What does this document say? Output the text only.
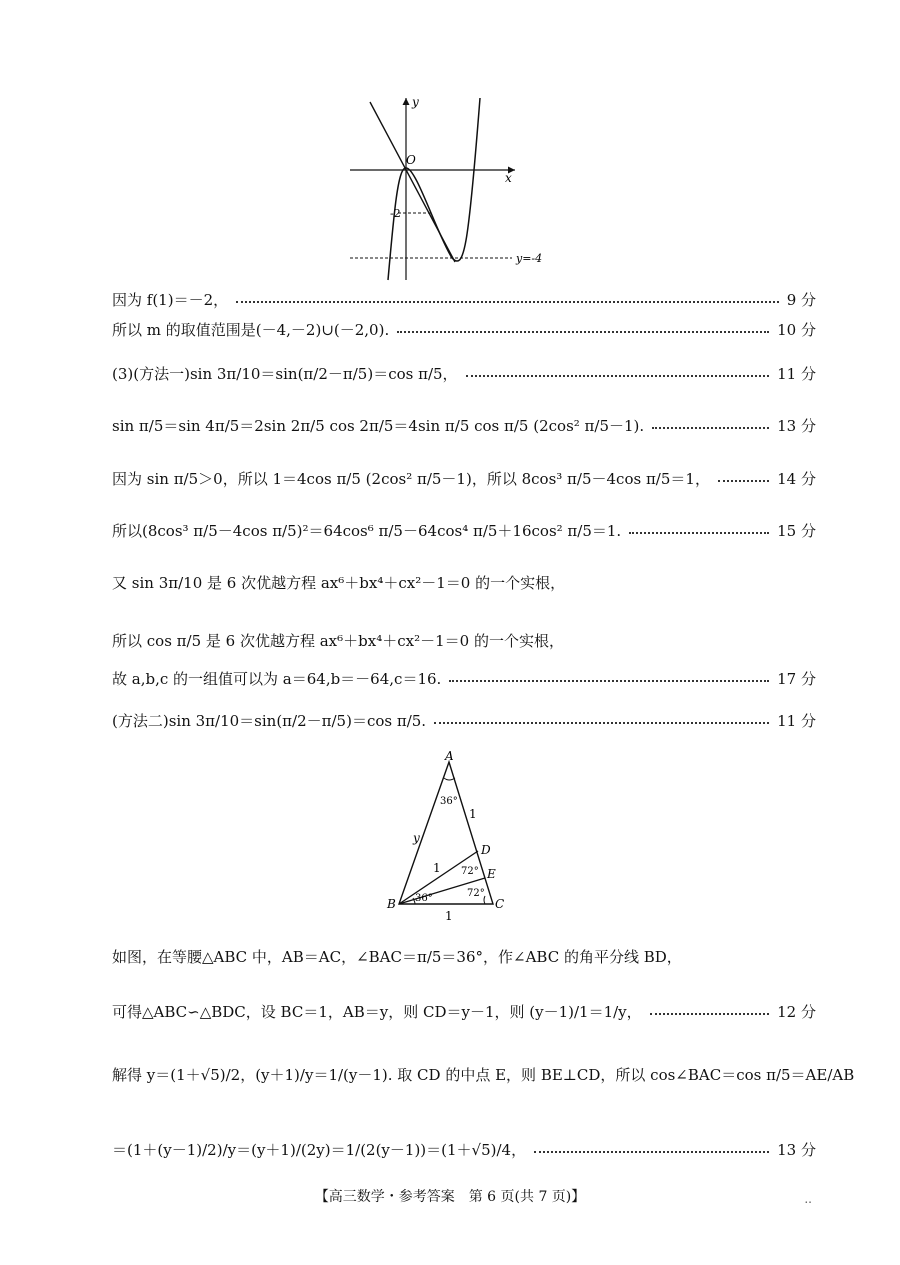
y
x
O
-2
y=-4
因为 f(1)＝－2，	9 分
所以 m 的取值范围是(－4,－2)∪(－2,0).	10 分
(3)(方法一)sin 3π/10＝sin(π/2－π/5)＝cos π/5，	11 分
sin π/5＝sin 4π/5＝2sin 2π/5 cos 2π/5＝4sin π/5 cos π/5 (2cos² π/5－1).	13 分
因为 sin π/5＞0，所以 1＝4cos π/5 (2cos² π/5－1)，所以 8cos³ π/5－4cos π/5＝1，	14 分
所以(8cos³ π/5－4cos π/5)²＝64cos⁶ π/5－64cos⁴ π/5＋16cos² π/5＝1.	15 分
又 sin 3π/10 是 6 次优越方程 ax⁶＋bx⁴＋cx²－1＝0 的一个实根，
所以 cos π/5 是 6 次优越方程 ax⁶＋bx⁴＋cx²－1＝0 的一个实根，
故 a,b,c 的一组值可以为 a＝64,b＝－64,c＝16.	17 分
(方法二)sin 3π/10＝sin(π/2－π/5)＝cos π/5.	11 分
A
B	C
D
E
36°
36°
72°
72°
1
y
1
1
如图，在等腰△ABC 中，AB＝AC，∠BAC＝π/5＝36°，作∠ABC 的角平分线 BD，
可得△ABC∽△BDC，设 BC＝1，AB＝y，则 CD＝y－1，则 (y－1)/1＝1/y，	12 分
解得 y＝(1＋√5)/2，(y＋1)/y＝1/(y－1). 取 CD 的中点 E，则 BE⊥CD，所以 cos∠BAC＝cos π/5＝AE/AB
＝(1＋(y－1)/2)/y＝(y＋1)/(2y)＝1/(2(y－1))＝(1＋√5)/4，	13 分
【高三数学・参考答案　第 6 页(共 7 页)】	..
